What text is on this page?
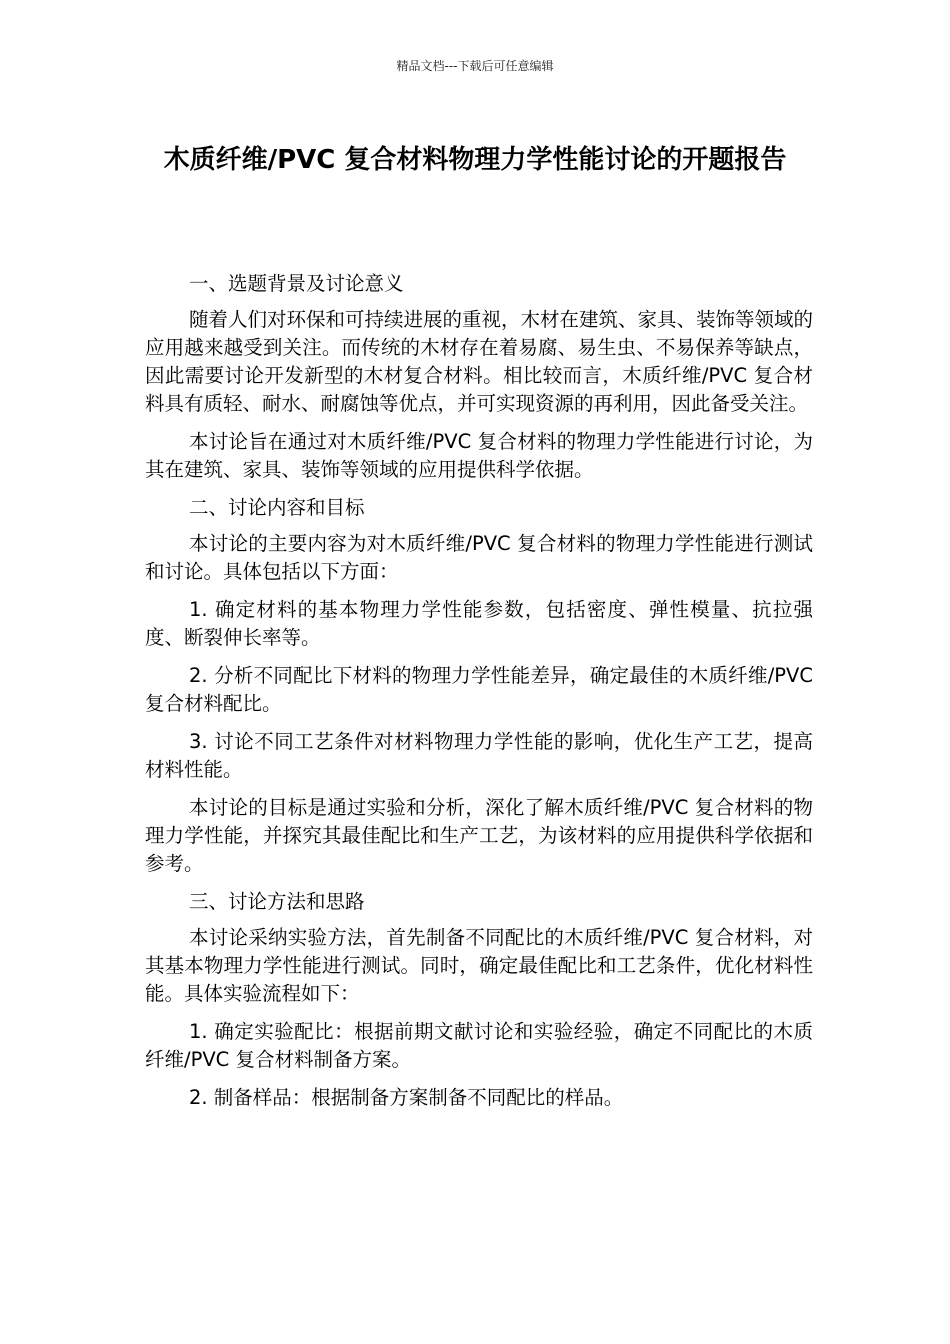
精品文档---下载后可任意编辑
木质纤维/PVC 复合材料物理力学性能讨论的开题报告

一、选题背景及讨论意义

随着人们对环保和可持续进展的重视，木材在建筑、家具、装饰等领域的应用越来越受到关注。而传统的木材存在着易腐、易生虫、不易保养等缺点，因此需要讨论开发新型的木材复合材料。相比较而言，木质纤维/PVC 复合材料具有质轻、耐水、耐腐蚀等优点，并可实现资源的再利用，因此备受关注。

本讨论旨在通过对木质纤维/PVC 复合材料的物理力学性能进行讨论，为其在建筑、家具、装饰等领域的应用提供科学依据。

二、讨论内容和目标

本讨论的主要内容为对木质纤维/PVC 复合材料的物理力学性能进行测试和讨论。具体包括以下方面：

1. 确定材料的基本物理力学性能参数，包括密度、弹性模量、抗拉强度、断裂伸长率等。

2. 分析不同配比下材料的物理力学性能差异，确定最佳的木质纤维/PVC 复合材料配比。

3. 讨论不同工艺条件对材料物理力学性能的影响，优化生产工艺，提高材料性能。

本讨论的目标是通过实验和分析，深化了解木质纤维/PVC 复合材料的物理力学性能，并探究其最佳配比和生产工艺，为该材料的应用提供科学依据和参考。

三、讨论方法和思路

本讨论采纳实验方法，首先制备不同配比的木质纤维/PVC 复合材料，对其基本物理力学性能进行测试。同时，确定最佳配比和工艺条件，优化材料性能。具体实验流程如下：

1. 确定实验配比：根据前期文献讨论和实验经验，确定不同配比的木质纤维/PVC 复合材料制备方案。

2. 制备样品：根据制备方案制备不同配比的样品。
